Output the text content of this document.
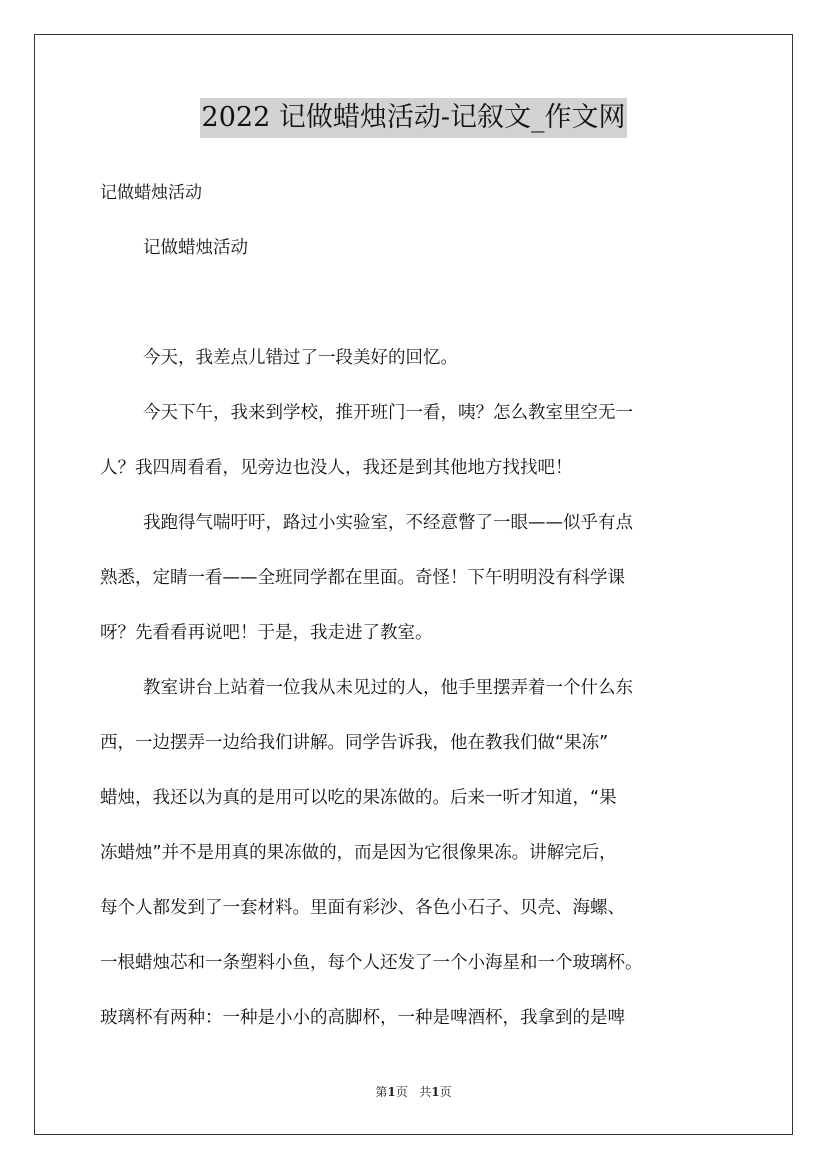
2022 记做蜡烛活动-记叙文_作文网
记做蜡烛活动
记做蜡烛活动
今天，我差点儿错过了一段美好的回忆。
今天下午，我来到学校，推开班门一看，咦？怎么教室里空无一
人？我四周看看，见旁边也没人，我还是到其他地方找找吧！
我跑得气喘吁吁，路过小实验室，不经意瞥了一眼——似乎有点
熟悉，定睛一看——全班同学都在里面。奇怪！下午明明没有科学课
呀？先看看再说吧！于是，我走进了教室。
教室讲台上站着一位我从未见过的人，他手里摆弄着一个什么东
西，一边摆弄一边给我们讲解。同学告诉我，他在教我们做“果冻”
蜡烛，我还以为真的是用可以吃的果冻做的。后来一听才知道，“果
冻蜡烛”并不是用真的果冻做的，而是因为它很像果冻。讲解完后，
每个人都发到了一套材料。里面有彩沙、各色小石子、贝壳、海螺、
一根蜡烛芯和一条塑料小鱼，每个人还发了一个小海星和一个玻璃杯。
玻璃杯有两种：一种是小小的高脚杯，一种是啤酒杯，我拿到的是啤
第1页 共1页
